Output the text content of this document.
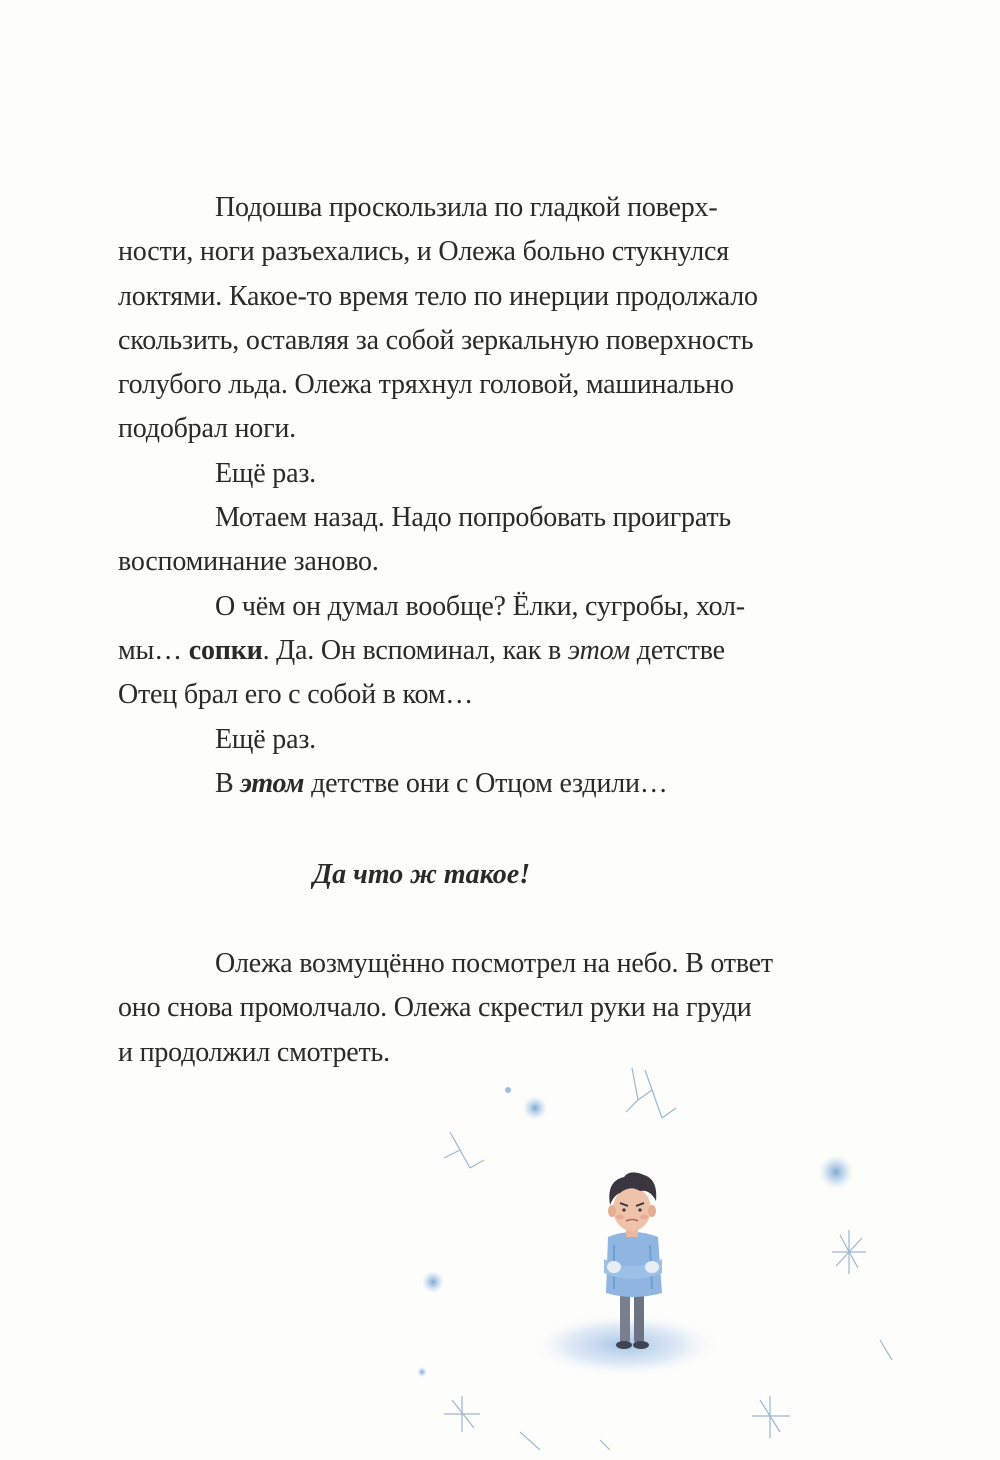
Подошва проскользила по гладкой поверх-
ности, ноги разъехались, и Олежа больно стукнулся
локтями. Какое-то время тело по инерции продолжало
скользить, оставляя за собой зеркальную поверхность
голубого льда. Олежа тряхнул головой, машинально
подобрал ноги.
Ещё раз.
Мотаем назад. Надо попробовать проиграть
воспоминание заново.
О чём он думал вообще? Ёлки, сугробы, хол-
мы… сопки. Да. Он вспоминал, как в этом детстве
Отец брал его с собой в ком…
Ещё раз.
В этом детстве они с Отцом ездили…
Да что ж такое!
Олежа возмущённо посмотрел на небо. В ответ
оно снова промолчало. Олежа скрестил руки на груди
и продолжил смотреть.
